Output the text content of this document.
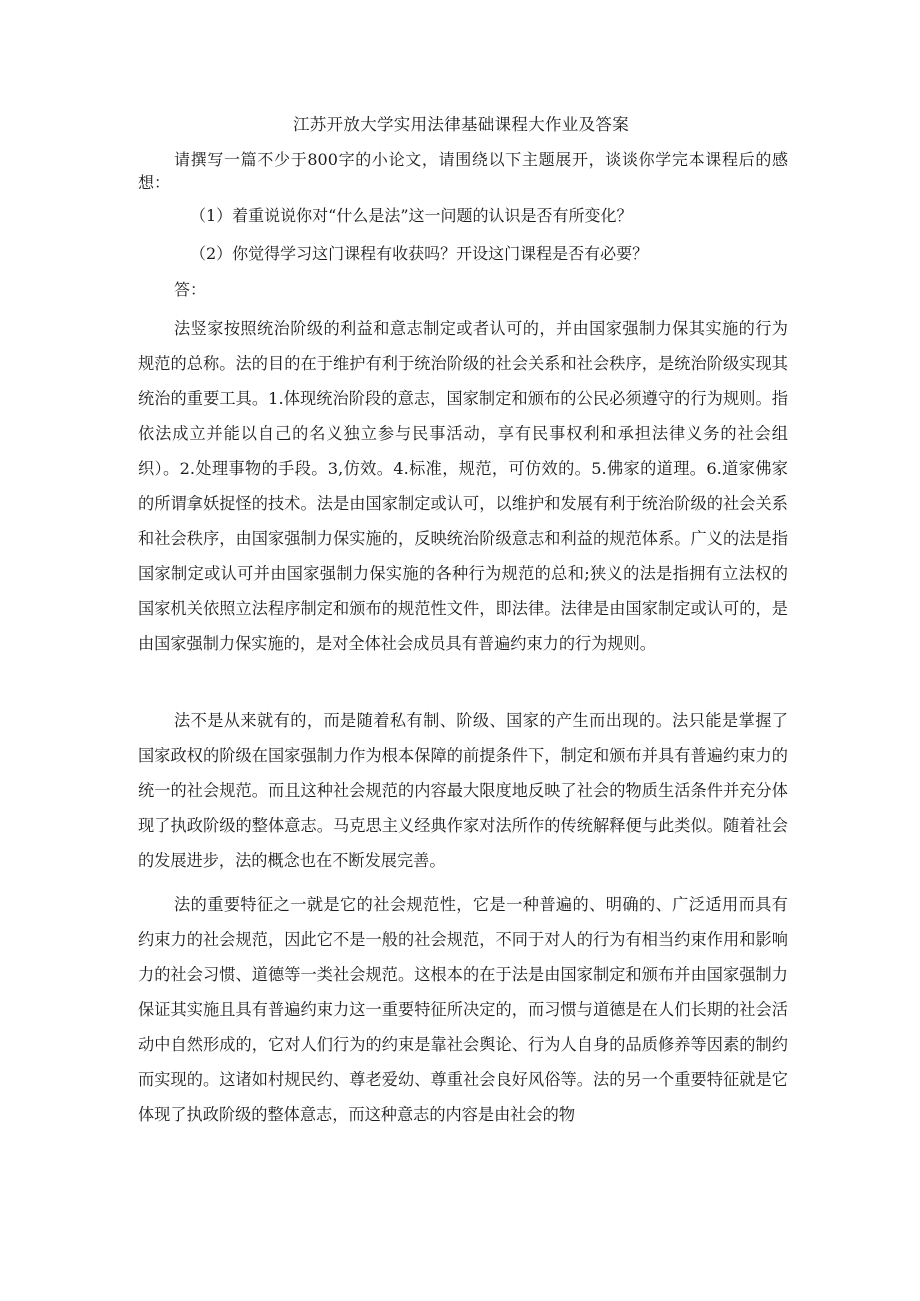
江苏开放大学实用法律基础课程大作业及答案
请撰写一篇不少于800字的小论文，请围绕以下主题展开，谈谈你学完本课程后的感想：
（1）着重说说你对“什么是法”这一问题的认识是否有所变化？
（2）你觉得学习这门课程有收获吗？开设这门课程是否有必要？
答：

法竖家按照统治阶级的利益和意志制定或者认可的，并由国家强制力保其实施的行为规范的总称。法的目的在于维护有利于统治阶级的社会关系和社会秩序，是统治阶级实现其统治的重要工具。1.体现统治阶段的意志，国家制定和颁布的公民必须遵守的行为规则。指依法成立并能以自己的名义独立参与民事活动，享有民事权利和承担法律义务的社会组织）。2.处理事物的手段。3,仿效。4.标准，规范，可仿效的。5.佛家的道理。6.道家佛家的所谓拿妖捉怪的技术。法是由国家制定或认可，以维护和发展有利于统治阶级的社会关系和社会秩序，由国家强制力保实施的，反映统治阶级意志和利益的规范体系。广义的法是指国家制定或认可并由国家强制力保实施的各种行为规范的总和;狭义的法是指拥有立法权的国家机关依照立法程序制定和颁布的规范性文件，即法律。法律是由国家制定或认可的，是由国家强制力保实施的，是对全体社会成员具有普遍约束力的行为规则。

法不是从来就有的，而是随着私有制、阶级、国家的产生而出现的。法只能是掌握了国家政权的阶级在国家强制力作为根本保障的前提条件下，制定和颁布并具有普遍约束力的统一的社会规范。而且这种社会规范的内容最大限度地反映了社会的物质生活条件并充分体现了执政阶级的整体意志。马克思主义经典作家对法所作的传统解释便与此类似。随着社会的发展进步，法的概念也在不断发展完善。

法的重要特征之一就是它的社会规范性，它是一种普遍的、明确的、广泛适用而具有约束力的社会规范，因此它不是一般的社会规范，不同于对人的行为有相当约束作用和影响力的社会习惯、道德等一类社会规范。这根本的在于法是由国家制定和颁布并由国家强制力保证其实施且具有普遍约束力这一重要特征所决定的，而习惯与道德是在人们长期的社会活动中自然形成的，它对人们行为的约束是靠社会舆论、行为人自身的品质修养等因素的制约而实现的。这诸如村规民约、尊老爱幼、尊重社会良好风俗等。法的另一个重要特征就是它体现了执政阶级的整体意志，而这种意志的内容是由社会的物
